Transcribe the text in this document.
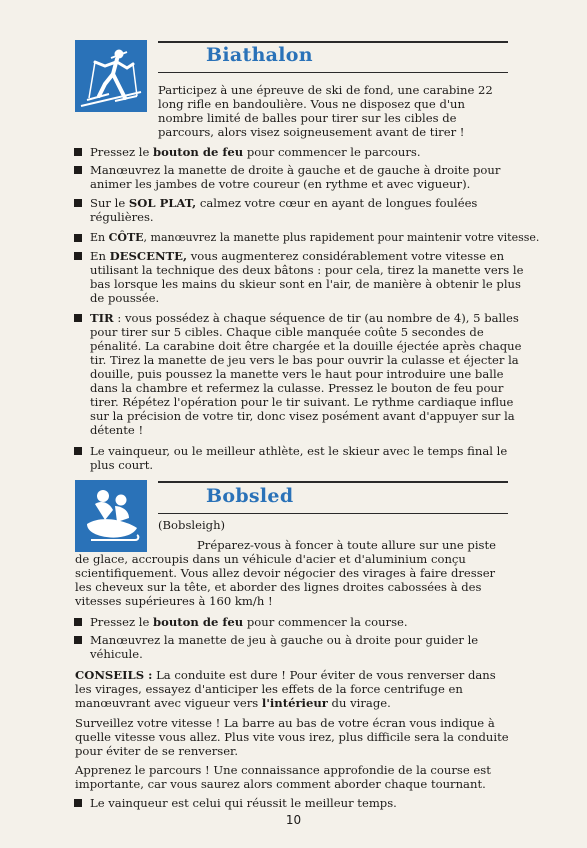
Biathalon

Participez à une épreuve de ski de fond, une carabine 22 long rifle en bandoulière. Vous ne disposez que d'un nombre limité de balles pour tirer sur les cibles de parcours, alors visez soigneusement avant de tirer !

Pressez le bouton de feu pour commencer le parcours.

Manœuvrez la manette de droite à gauche et de gauche à droite pour animer les jambes de votre coureur (en rythme et avec vigueur).

Sur le SOL PLAT, calmez votre cœur en ayant de longues foulées régulières.

En CÔTE, manœuvrez la manette plus rapidement pour maintenir votre vitesse.

En DESCENTE, vous augmenterez considérablement votre vitesse en utilisant la technique des deux bâtons : pour cela, tirez la manette vers le bas lorsque les mains du skieur sont en l'air, de manière à obtenir le plus de poussée.

TIR : vous possédez à chaque séquence de tir (au nombre de 4), 5 balles pour tirer sur 5 cibles. Chaque cible manquée coûte 5 secondes de pénalité. La carabine doit être chargée et la douille éjectée après chaque tir. Tirez la manette de jeu vers le bas pour ouvrir la culasse et éjecter la douille, puis poussez la manette vers le haut pour introduire une balle dans la chambre et refermez la culasse. Pressez le bouton de feu pour tirer. Répétez l'opération pour le tir suivant. Le rythme cardiaque influe sur la précision de votre tir, donc visez posément avant d'appuyer sur la détente !

Le vainqueur, ou le meilleur athlète, est le skieur avec le temps final le plus court.

Bobsled

(Bobsleigh)

Préparez-vous à foncer à toute allure sur une piste de glace, accroupis dans un véhicule d'acier et d'aluminium conçu scientifiquement. Vous allez devoir négocier des virages à faire dresser les cheveux sur la tête, et aborder des lignes droites cabossées à des vitesses supérieures à 160 km/h !

Pressez le bouton de feu pour commencer la course.

Manœuvrez la manette de jeu à gauche ou à droite pour guider le véhicule.

CONSEILS : La conduite est dure ! Pour éviter de vous renverser dans les virages, essayez d'anticiper les effets de la force centrifuge en manœuvrant avec vigueur vers l'intérieur du virage.

Surveillez votre vitesse ! La barre au bas de votre écran vous indique à quelle vitesse vous allez. Plus vite vous irez, plus difficile sera la conduite pour éviter de se renverser.

Apprenez le parcours ! Une connaissance approfondie de la course est importante, car vous saurez alors comment aborder chaque tournant.

Le vainqueur est celui qui réussit le meilleur temps.

10
